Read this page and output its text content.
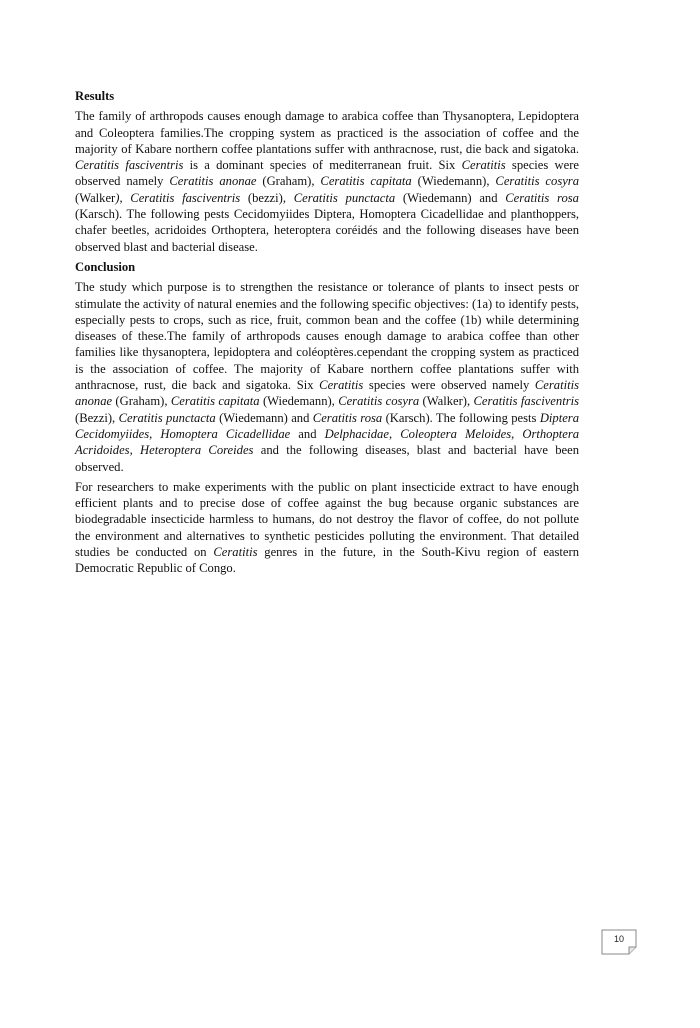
Results

The family of arthropods causes enough damage to arabica coffee than Thysanoptera, Lepidoptera and Coleoptera families.The cropping system as practiced is the association of coffee and the majority of Kabare northern coffee plantations suffer with anthracnose, rust, die back and sigatoka. Ceratitis fasciventris is a dominant species of mediterranean fruit. Six Ceratitis species were observed namely Ceratitis anonae (Graham), Ceratitis capitata (Wiedemann), Ceratitis cosyra (Walker), Ceratitis fasciventris (bezzi), Ceratitis punctacta (Wiedemann) and Ceratitis rosa (Karsch). The following pests Cecidomyiides Diptera, Homoptera Cicadellidae and planthoppers, chafer beetles, acridoides Orthoptera, heteroptera coréidés and the following diseases have been observed blast and bacterial disease.

Conclusion

The study which purpose is to strengthen the resistance or tolerance of plants to insect pests or stimulate the activity of natural enemies and the following specific objectives: (1a) to identify pests, especially pests to crops, such as rice, fruit, common bean and the coffee (1b) while determining diseases of these.The family of arthropods causes enough damage to arabica coffee than other families like thysanoptera, lepidoptera and coléoptères.cependant the cropping system as practiced is the association of coffee. The majority of Kabare northern coffee plantations suffer with anthracnose, rust, die back and sigatoka. Six Ceratitis species were observed namely Ceratitis anonae (Graham), Ceratitis capitata (Wiedemann), Ceratitis cosyra (Walker), Ceratitis fasciventris (Bezzi), Ceratitis punctacta (Wiedemann) and Ceratitis rosa (Karsch). The following pests Diptera Cecidomyiides, Homoptera Cicadellidae and Delphacidae, Coleoptera Meloides, Orthoptera Acridoides, Heteroptera Coreides and the following diseases, blast and bacterial have been observed.

For researchers to make experiments with the public on plant insecticide extract to have enough efficient plants and to precise dose of coffee against the bug because organic substances are biodegradable insecticide harmless to humans, do not destroy the flavor of coffee, do not pollute the environment and alternatives to synthetic pesticides polluting the environment. That detailed studies be conducted on Ceratitis genres in the future, in the South-Kivu region of eastern Democratic Republic of Congo.

10
